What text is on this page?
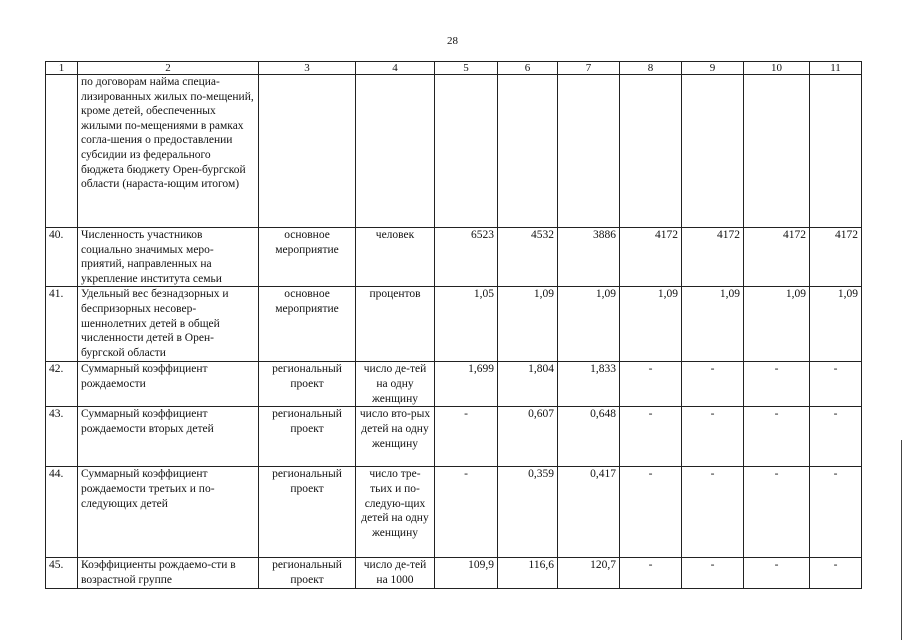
28
1	2	3	4	5	6	7	8	9	10	11
	по договорам найма специа-лизированных жилых по-мещений, кроме детей, обеспеченных жилыми по-мещениями в рамках согла-шения о предоставлении субсидии из федерального бюджета бюджету Орен-бургской области (нараста-ющим итогом)									
40.	Численность участников социально значимых меро-приятий, направленных на укрепление института семьи	основное мероприятие	человек	6523	4532	3886	4172	4172	4172	4172
41.	Удельный вес безнадзорных и беспризорных несовер-шеннолетних детей в общей численности детей в Орен-бургской области	основное мероприятие	процентов	1,05	1,09	1,09	1,09	1,09	1,09	1,09
42.	Суммарный коэффициент рождаемости	региональный проект	число де-тей на одну женщину	1,699	1,804	1,833	-	-	-	-
43.	Суммарный коэффициент рождаемости вторых детей	региональный проект	число вто-рых детей на одну женщину	-	0,607	0,648	-	-	-	-
44.	Суммарный коэффициент рождаемости третьих и по-следующих детей	региональный проект	число тре-тьих и по-следую-щих детей на одну женщину	-	0,359	0,417	-	-	-	-
45.	Коэффициенты рождаемо-сти в возрастной группе	региональный проект	число де-тей на 1000	109,9	116,6	120,7	-	-	-	-
